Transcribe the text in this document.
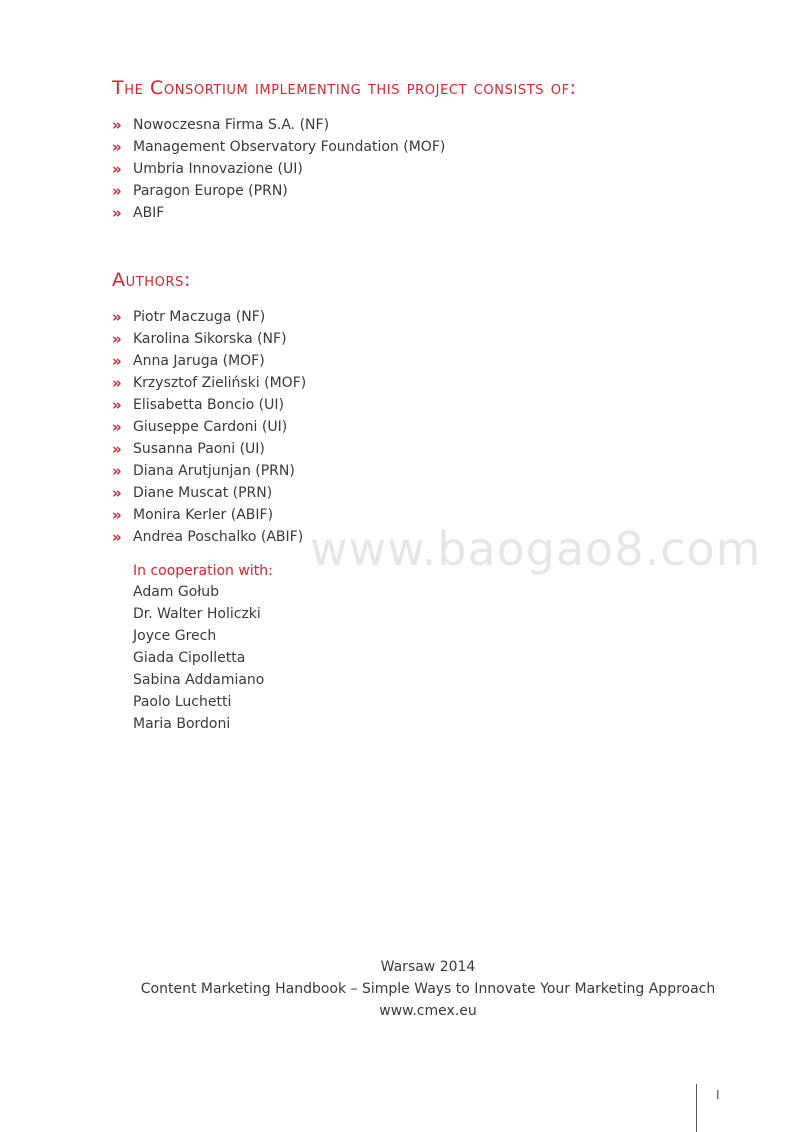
The Consortium implementing this project consists of:
» Nowoczesna Firma S.A. (NF)
» Management Observatory Foundation (MOF)
» Umbria Innovazione (UI)
» Paragon Europe (PRN)
» ABIF
Authors:
» Piotr Maczuga (NF)
» Karolina Sikorska (NF)
» Anna Jaruga (MOF)
» Krzysztof Zieliński (MOF)
» Elisabetta Boncio (UI)
» Giuseppe Cardoni (UI)
» Susanna Paoni (UI)
» Diana Arutjunjan (PRN)
» Diane Muscat (PRN)
» Monira Kerler (ABIF)
» Andrea Poschalko (ABIF) www.baogao8.com

In cooperation with:

Adam Gołub
Dr. Walter Holiczki
Joyce Grech
Giada Cipolletta
Sabina Addamiano
Paolo Luchetti
Maria Bordoni

Warsaw 2014

Content Marketing Handbook – Simple Ways to Innovate Your Marketing Approach

www.cmex.eu

I
